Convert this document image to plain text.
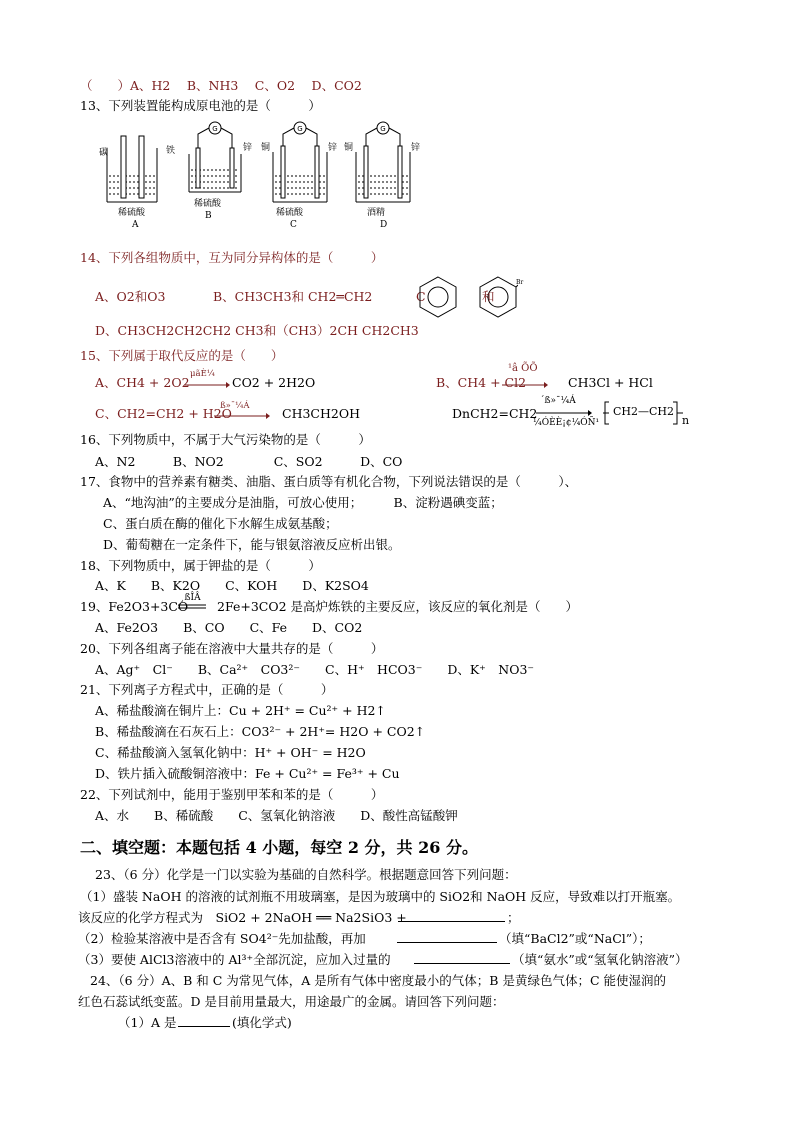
（　　）A、H2　 B、NH3　 C、O2　 D、CO2
13、下列装置能构成原电池的是（　　　）
G	G	G
碳	铁
稀硫酸
A
锌
稀硫酸
B
铜	锌
稀硫酸
C
铜	锌
酒精
D
14、下列各组物质中，互为同分异构体的是（　　　）
A、O2和O3	B、CH3CH3和 CH2═CH2	C	和
Br
D、CH3CH2CH2CH2 CH3和（CH3）2CH CH2CH3
15、下列属于取代反应的是（　　）
A、CH4 + 2O2
μãÈ¼
CO2 + 2H2O	B、CH4 + Cl2
¹â ÕÕ
CH3Cl + HCl
C、CH2=CH2 + H2O
ß»¯¼Á	CH3CH2OH	DnCH2=CH2
´ß»¯¼Á
¼ÓÈÈ¡¢¼ÓÑ¹
CH2—CH2
n
16、下列物质中，不属于大气污染物的是（　　　）
A、N2　　　B、NO2　　　　C、SO2　　　D、CO
17、食物中的营养素有糖类、油脂、蛋白质等有机化合物，下列说法错误的是（　　　）、
A、“地沟油”的主要成分是油脂，可放心使用；　　　B、淀粉遇碘变蓝；
C、蛋白质在酶的催化下水解生成氨基酸；
D、葡萄糖在一定条件下，能与银氨溶液反应析出银。
18、下列物质中，属于钾盐的是（　　　）
A、K　　B、K2O　　C、KOH　　D、K2SO4
19、Fe2O3+3CO
¸ßÎÂ
2Fe+3CO2 是高炉炼铁的主要反应，该反应的氧化剂是（　　）
A、Fe2O3　　B、CO　　C、Fe　　D、CO2
20、下列各组离子能在溶液中大量共存的是（　　　）
A、Ag⁺　Cl⁻　　B、Ca²⁺　CO3²⁻　　C、H⁺　HCO3⁻　　D、K⁺　NO3⁻
21、下列离子方程式中，正确的是（　　　）
A、稀盐酸滴在铜片上：Cu + 2H⁺ = Cu²⁺ + H2↑
B、稀盐酸滴在石灰石上：CO3²⁻ + 2H⁺= H2O + CO2↑
C、稀盐酸滴入氢氧化钠中：H⁺ + OH⁻ = H2O
D、铁片插入硫酸铜溶液中：Fe + Cu²⁺ = Fe³⁺ + Cu
22、下列试剂中，能用于鉴别甲苯和苯的是（　　　）
A、水　　B、稀硫酸　　C、氢氧化钠溶液　　D、酸性高锰酸钾
二、填空题：本题包括 4 小题，每空 2 分，共 26 分。
23、（6 分）化学是一门以实验为基础的自然科学。根据题意回答下列问题：
（1）盛装 NaOH 的溶液的试剂瓶不用玻璃塞，是因为玻璃中的 SiO2和 NaOH 反应，导致难以打开瓶塞。
该反应的化学方程式为　SiO2 + 2NaOH ══ Na2SiO3 +	；
（2）检验某溶液中是否含有 SO4²⁻先加盐酸，再加	（填“BaCl2”或“NaCl”）；
（3）要使 AlCl3溶液中的 Al³⁺全部沉淀，应加入过量的	（填“氨水”或“氢氧化钠溶液”）
24、（6 分）A、B 和 C 为常见气体，A 是所有气体中密度最小的气体；B 是黄绿色气体；C 能使湿润的
红色石蕊试纸变蓝。D 是目前用量最大，用途最广的金属。请回答下列问题：
（1）A 是	(填化学式)
